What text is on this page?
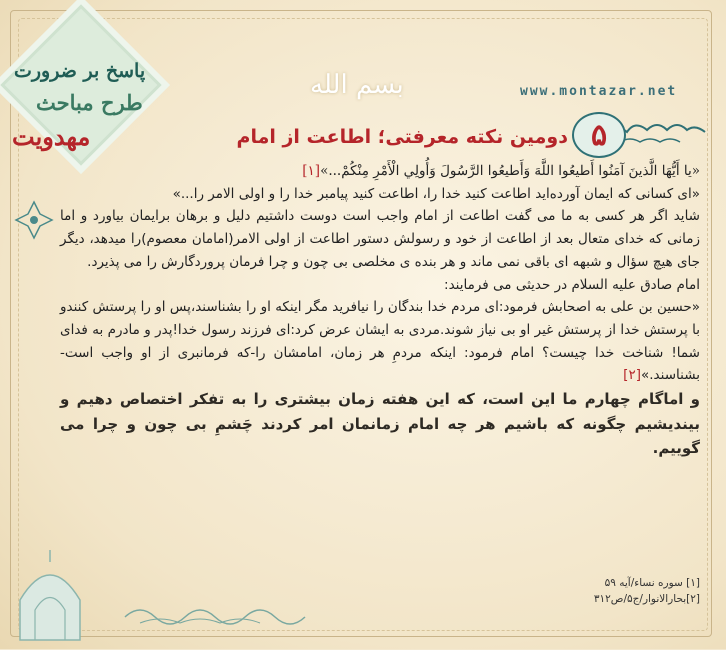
پاسخ بر ضرورت
طرح مباحث
مهدویت
بسم الله	www.montazar.net
۵
دومین نکته معرفتی؛ اطاعت از امام

«یا أَیُّهَا الَّذینَ آمَنُوا أَطیعُوا اللَّهَ وَأَطیعُوا الرَّسُولَ وَأُولِي الْأَمْرِ مِنْكُمْ...»[۱]

«ای کسانی که ایمان آورده‌اید اطاعت کنید خدا را، اطاعت کنید پیامبر خدا را و اولی الامر را...»

شاید اگر هر کسی به ما می گفت اطاعت از امام واجب است دوست داشتیم دلیل و برهان برایمان بیاورد و اما زمانی که خدای متعال بعد از اطاعت از خود و رسولش دستور اطاعت از اولی الامر(امامان معصوم)را میدهد، دیگر جای هیچ سؤال و شبهه ای باقی نمی ماند و هر بنده ی مخلصی بی چون و چرا فرمان پروردگارش را می پذیرد.

امام صادق علیه السلام در حدیثی می فرمایند:

«حسین بن علی به اصحابش فرمود:ای مردم خدا بندگان را نیافرید مگر اینکه او را بشناسند،پس او را پرستش کنندو با پرستش خدا از پرستش غیر او بی نیاز شوند.مردی به ایشان عرض کرد:ای فرزند رسول خدا!پدر و مادرم به فدای شما! شناخت خدا چیست؟ امام فرمود: اینکه مردمِ هر زمان، امامشان را-که فرمانبری از او واجب است-بشناسند.»[۲]

و اماگام چهارم ما این است، که این هفته زمان بیشتری را به تفکر اختصاص دهیم و بیندیشیم چگونه که باشیم هر چه امام زمانمان امر کردند چَشمِ بی چون و چرا می گوییم.

[۱] سوره نساء/آیه ۵۹
[۲]بحارالانوار/ج۵/ص۳۱۲
